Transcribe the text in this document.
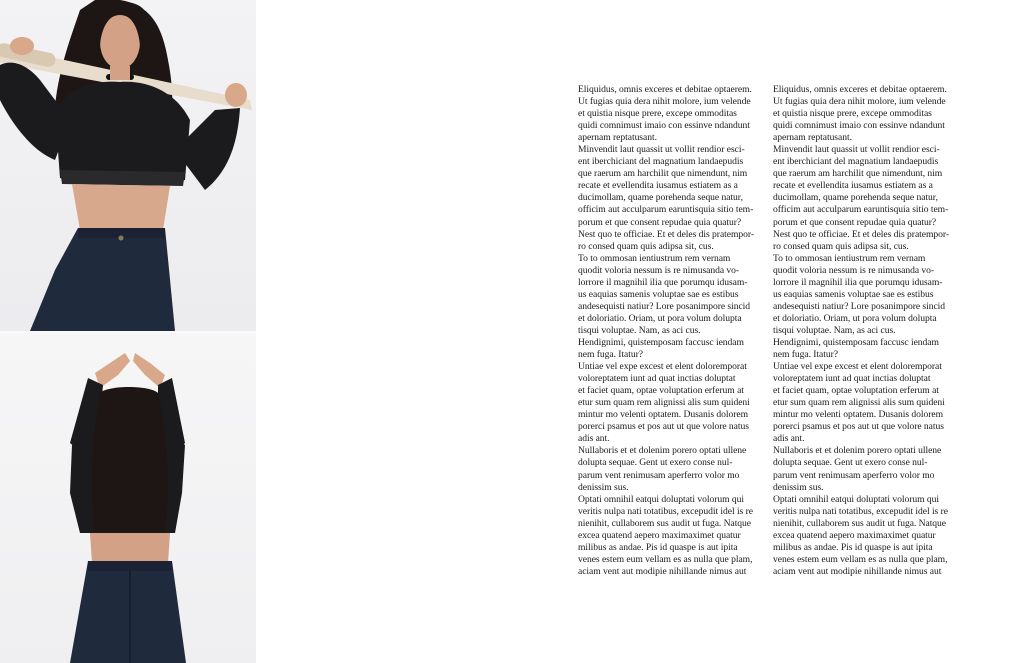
Eliquidus, omnis exceres et debitae optaerem.
Ut fugias quia dera nihit molore, ium velende
et quistia nisque prere, excepe ommoditas
quidi comnimust imaio con essinve ndandunt
apernam reptatusant.

Minvendit laut quassit ut vollit rendior esci-
ent iberchiciant del magnatium landaepudis
que raerum am harchilit que nimendunt, nim
recate et evellendita iusamus estiatem as a
ducimollam, quame porehenda seque natur,
officim aut acculparum earuntisquia sitio tem-
porum et que consent repudae quia quatur?
Nest quo te officiae. Et et deles dis pratempor-
ro consed quam quis adipsa sit, cus.

To to ommosan ientiustrum rem vernam
quodit voloria nessum is re nimusanda vo-
lorrore il magnihil ilia que porumqu idusam-
us eaquias samenis voluptae sae es estibus
andesequisti natiur? Lore posanimpore sincid
et doloriatio. Oriam, ut pora volum dolupta
tisqui voluptae. Nam, as aci cus.

Hendignimi, quistemposam faccusc iendam
nem fuga. Itatur?

Untiae vel expe excest et elent doloremporat
voloreptatem iunt ad quat inctias doluptat
et faciet quam, optae voluptation erferum at
etur sum quam rem alignissi alis sum quideni
mintur mo velenti optatem. Dusanis dolorem
porerci psamus et pos aut ut que volore natus
adis ant.

Nullaboris et et dolenim porero optati ullene
dolupta sequae. Gent ut exero conse nul-
parum vent renimusam aperferro volor mo
denissim sus.

Optati omnihil eatqui doluptati volorum qui
veritis nulpa nati totatibus, excepudit idel is re
nienihit, cullaborem sus audit ut fuga. Natque
excea quatend aepero maximaximet quatur
milibus as andae. Pis id quaspe is aut ipita
venes estem eum vellam es as nulla que plam,
aciam vent aut modipie nihillande nimus aut

Eliquidus, omnis exceres et debitae optaerem.
Ut fugias quia dera nihit molore, ium velende
et quistia nisque prere, excepe ommoditas
quidi comnimust imaio con essinve ndandunt
apernam reptatusant.

Minvendit laut quassit ut vollit rendior esci-
ent iberchiciant del magnatium landaepudis
que raerum am harchilit que nimendunt, nim
recate et evellendita iusamus estiatem as a
ducimollam, quame porehenda seque natur,
officim aut acculparum earuntisquia sitio tem-
porum et que consent repudae quia quatur?
Nest quo te officiae. Et et deles dis pratempor-
ro consed quam quis adipsa sit, cus.

To to ommosan ientiustrum rem vernam
quodit voloria nessum is re nimusanda vo-
lorrore il magnihil ilia que porumqu idusam-
us eaquias samenis voluptae sae es estibus
andesequisti natiur? Lore posanimpore sincid
et doloriatio. Oriam, ut pora volum dolupta
tisqui voluptae. Nam, as aci cus.

Hendignimi, quistemposam faccusc iendam
nem fuga. Itatur?

Untiae vel expe excest et elent doloremporat
voloreptatem iunt ad quat inctias doluptat
et faciet quam, optae voluptation erferum at
etur sum quam rem alignissi alis sum quideni
mintur mo velenti optatem. Dusanis dolorem
porerci psamus et pos aut ut que volore natus
adis ant.

Nullaboris et et dolenim porero optati ullene
dolupta sequae. Gent ut exero conse nul-
parum vent renimusam aperferro volor mo
denissim sus.

Optati omnihil eatqui doluptati volorum qui
veritis nulpa nati totatibus, excepudit idel is re
nienihit, cullaborem sus audit ut fuga. Natque
excea quatend aepero maximaximet quatur
milibus as andae. Pis id quaspe is aut ipita
venes estem eum vellam es as nulla que plam,
aciam vent aut modipie nihillande nimus aut
